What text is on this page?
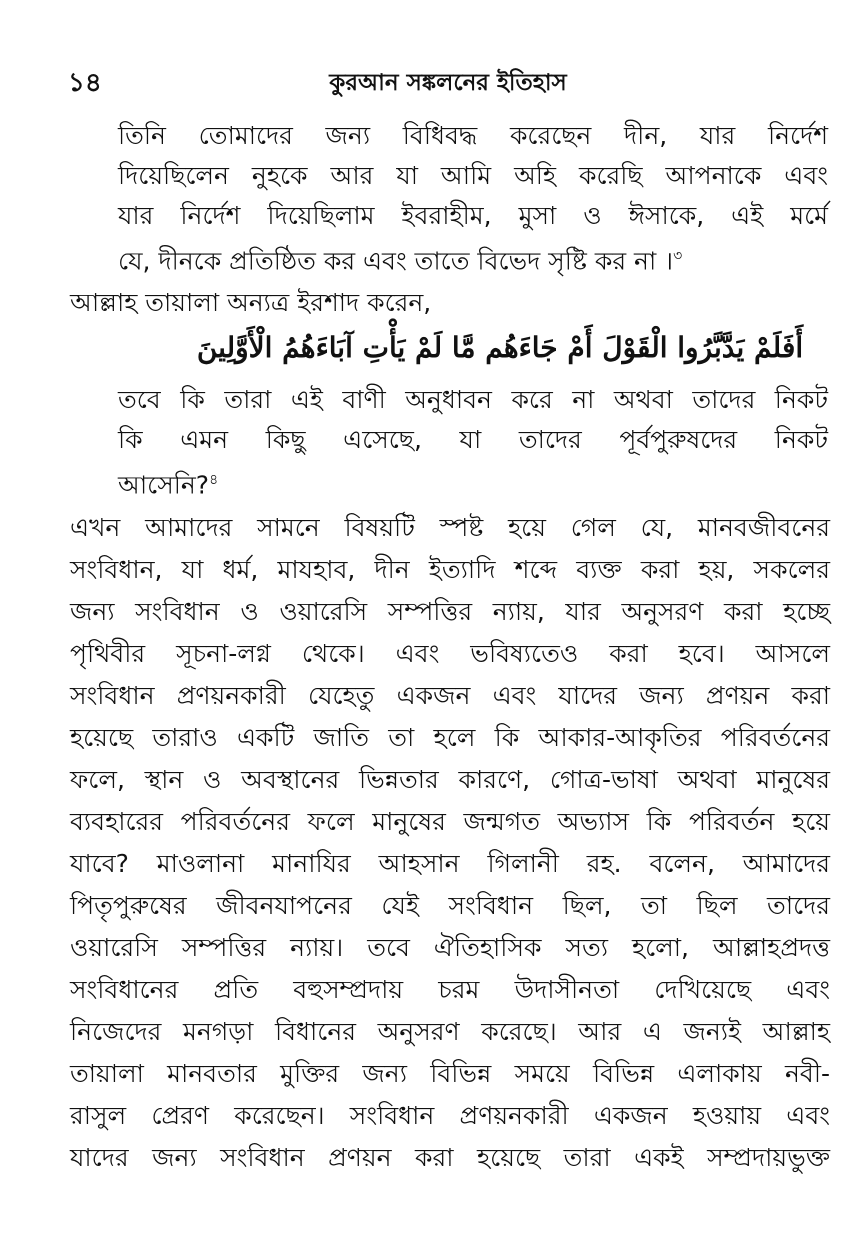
১৪	কুরআন সঙ্কলনের ইতিহাস
তিনি তোমাদের জন্য বিধিবদ্ধ করেছেন দীন, যার নির্দেশ
দিয়েছিলেন নুহকে আর যা আমি অহি করেছি আপনাকে এবং
যার নির্দেশ দিয়েছিলাম ইবরাহীম, মুসা ও ঈসাকে, এই মর্মে
যে, দীনকে প্রতিষ্ঠিত কর এবং তাতে বিভেদ সৃষ্টি কর না ।$^৩$
আল্লাহ তায়ালা অন্যত্র ইরশাদ করেন,
أَفَلَمْ يَدَّبَّرُوا الْقَوْلَ أَمْ جَاءَهُم مَّا لَمْ يَأْتِ آبَاءَهُمُ الْأَوَّلِينَ
তবে কি তারা এই বাণী অনুধাবন করে না অথবা তাদের নিকট
কি এমন কিছু এসেছে, যা তাদের পূর্বপুরুষদের নিকট
আসেনি?$^৪$
এখন আমাদের সামনে বিষয়টি স্পষ্ট হয়ে গেল যে, মানবজীবনের
সংবিধান, যা ধর্ম, মাযহাব, দীন ইত্যাদি শব্দে ব্যক্ত করা হয়, সকলের
জন্য সংবিধান ও ওয়ারেসি সম্পত্তির ন্যায়, যার অনুসরণ করা হচ্ছে
পৃথিবীর সূচনা-লগ্ন থেকে। এবং ভবিষ্যতেও করা হবে। আসলে
সংবিধান প্রণয়নকারী যেহেতু একজন এবং যাদের জন্য প্রণয়ন করা
হয়েছে তারাও একটি জাতি তা হলে কি আকার-আকৃতির পরিবর্তনের
ফলে, স্থান ও অবস্থানের ভিন্নতার কারণে, গোত্র-ভাষা অথবা মানুষের
ব্যবহারের পরিবর্তনের ফলে মানুষের জন্মগত অভ্যাস কি পরিবর্তন হয়ে
যাবে? মাওলানা মানাযির আহসান গিলানী রহ. বলেন, আমাদের
পিতৃপুরুষের জীবনযাপনের যেই সংবিধান ছিল, তা ছিল তাদের
ওয়ারেসি সম্পত্তির ন্যায়। তবে ঐতিহাসিক সত্য হলো, আল্লাহপ্রদত্ত
সংবিধানের প্রতি বহুসম্প্রদায় চরম উদাসীনতা দেখিয়েছে এবং
নিজেদের মনগড়া বিধানের অনুসরণ করেছে। আর এ জন্যই আল্লাহ
তায়ালা মানবতার মুক্তির জন্য বিভিন্ন সময়ে বিভিন্ন এলাকায় নবী-
রাসুল প্রেরণ করেছেন। সংবিধান প্রণয়নকারী একজন হওয়ায় এবং
যাদের জন্য সংবিধান প্রণয়ন করা হয়েছে তারা একই সম্প্রদায়ভুক্ত
